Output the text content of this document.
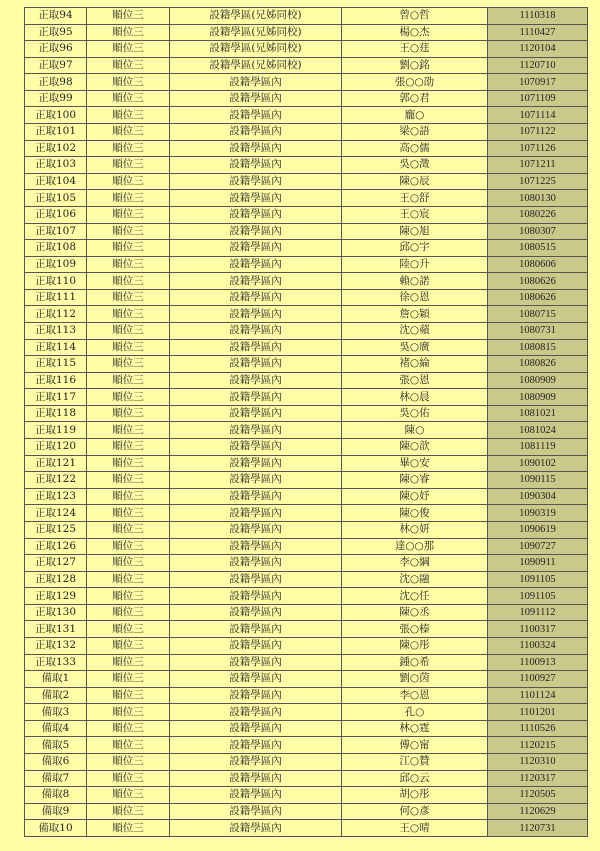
正取94	順位三	設籍學區(兄姊同校)	曾○哲	1110318
正取95	順位三	設籍學區(兄姊同校)	楊○杰	1110427
正取96	順位三	設籍學區(兄姊同校)	王○莛	1120104
正取97	順位三	設籍學區(兄姊同校)	劉○銘	1120710
正取98	順位三	設籍學區內	張○○劭	1070917
正取99	順位三	設籍學區內	郭○君	1071109
正取100	順位三	設籍學區內	龐○	1071114
正取101	順位三	設籍學區內	梁○語	1071122
正取102	順位三	設籍學區內	高○儒	1071126
正取103	順位三	設籍學區內	吳○澂	1071211
正取104	順位三	設籍學區內	陳○辰	1071225
正取105	順位三	設籍學區內	王○舒	1080130
正取106	順位三	設籍學區內	王○宸	1080226
正取107	順位三	設籍學區內	陳○旭	1080307
正取108	順位三	設籍學區內	邱○宇	1080515
正取109	順位三	設籍學區內	陸○升	1080606
正取110	順位三	設籍學區內	賴○諾	1080626
正取111	順位三	設籍學區內	徐○恩	1080626
正取112	順位三	設籍學區內	詹○穎	1080715
正取113	順位三	設籍學區內	沈○蘋	1080731
正取114	順位三	設籍學區內	吳○廣	1080815
正取115	順位三	設籍學區內	褚○綸	1080826
正取116	順位三	設籍學區內	張○恩	1080909
正取117	順位三	設籍學區內	林○晨	1080909
正取118	順位三	設籍學區內	吳○佑	1081021
正取119	順位三	設籍學區內	陳○	1081024
正取120	順位三	設籍學區內	陳○歆	1081119
正取121	順位三	設籍學區內	畢○安	1090102
正取122	順位三	設籍學區內	陳○睿	1090115
正取123	順位三	設籍學區內	陳○妤	1090304
正取124	順位三	設籍學區內	陳○俊	1090319
正取125	順位三	設籍學區內	林○妍	1090619
正取126	順位三	設籍學區內	達○○那	1090727
正取127	順位三	設籍學區內	李○綱	1090911
正取128	順位三	設籍學區內	沈○融	1091105
正取129	順位三	設籍學區內	沈○任	1091105
正取130	順位三	設籍學區內	陳○丞	1091112
正取131	順位三	設籍學區內	張○榛	1100317
正取132	順位三	設籍學區內	陳○彤	1100324
正取133	順位三	設籍學區內	鍾○希	1100913
備取1	順位三	設籍學區內	劉○茵	1100927
備取2	順位三	設籍學區內	李○恩	1101124
備取3	順位三	設籍學區內	孔○	1101201
備取4	順位三	設籍學區內	林○霆	1110526
備取5	順位三	設籍學區內	傅○甯	1120215
備取6	順位三	設籍學區內	江○贊	1120310
備取7	順位三	設籍學區內	邱○云	1120317
備取8	順位三	設籍學區內	胡○彤	1120505
備取9	順位三	設籍學區內	何○彥	1120629
備取10	順位三	設籍學區內	王○晴	1120731
